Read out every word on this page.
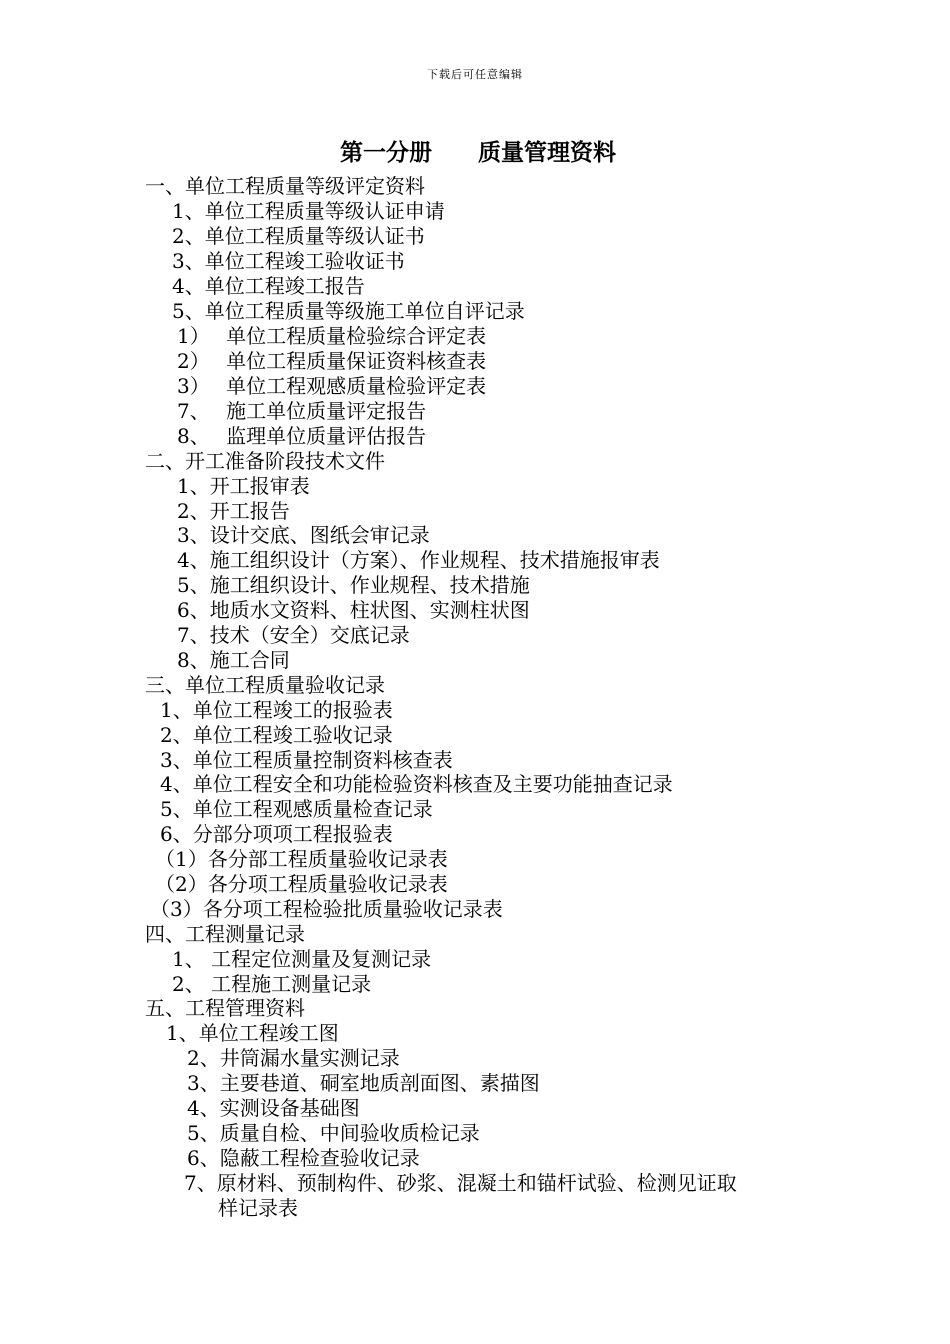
下载后可任意编辑
第一分册　　质量管理资料
一、单位工程质量等级评定资料
1、单位工程质量等级认证申请
2、单位工程质量等级认证书
3、单位工程竣工验收证书
4、单位工程竣工报告
5、单位工程质量等级施工单位自评记录
1）　 单位工程质量检验综合评定表
2）　 单位工程质量保证资料核查表
3）　 单位工程观感质量检验评定表
7、　 施工单位质量评定报告
8、　 监理单位质量评估报告
二、开工准备阶段技术文件
1、开工报审表
2、开工报告
3、设计交底、图纸会审记录
4、施工组织设计（方案）、作业规程、技术措施报审表
5、施工组织设计、作业规程、技术措施
6、地质水文资料、柱状图、实测柱状图
7、技术（安全）交底记录
8、施工合同
三、单位工程质量验收记录
1、单位工程竣工的报验表
2、单位工程竣工验收记录
3、单位工程质量控制资料核查表
4、单位工程安全和功能检验资料核查及主要功能抽查记录
5、单位工程观感质量检查记录
6、分部分项项工程报验表
（1）各分部工程质量验收记录表
（2）各分项工程质量验收记录表
（3）各分项工程检验批质量验收记录表
四、工程测量记录
1、 工程定位测量及复测记录
2、 工程施工测量记录
五、工程管理资料
1、单位工程竣工图
2、井筒漏水量实测记录
3、主要巷道、硐室地质剖面图、素描图
4、实测设备基础图
5、质量自检、中间验收质检记录
6、隐蔽工程检查验收记录
7、原材料、预制构件、砂浆、混凝土和锚杆试验、检测见证取
样记录表
